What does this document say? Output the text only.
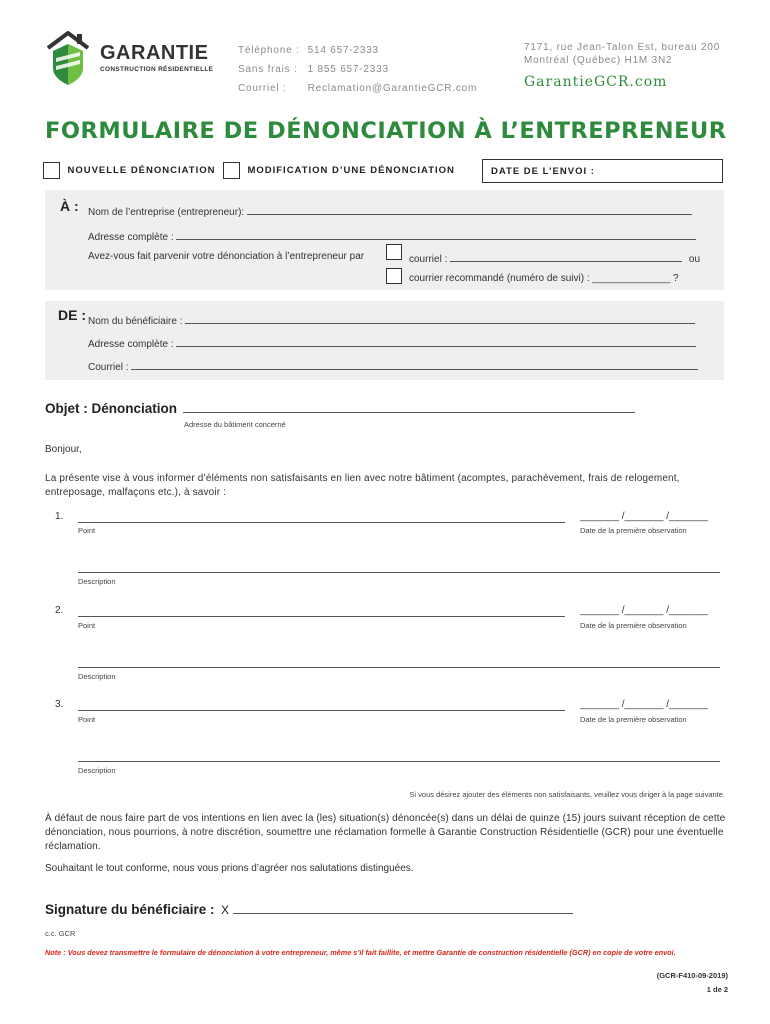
GARANTIE
CONSTRUCTION RÉSIDENTIELLE
Téléphone : 514 657-2333
Sans frais : 1 855 657-2333
Courriel : Reclamation@GarantieGCR.com
7171, rue Jean-Talon Est, bureau 200
Montréal (Québec) H1M 3N2
GarantieGCR.com
FORMULAIRE DE DÉNONCIATION À L’ENTREPRENEUR
NOUVELLE DÉNONCIATION	MODIFICATION D’UNE DÉNONCIATION	DATE DE L’ENVOI :
À : Nom de l’entreprise (entrepreneur):
Adresse complète :
Avez-vous fait parvenir votre dénonciation à l’entrepreneur par	courriel :	ou
courrier recommandé (numéro de suivi) : ______________ ?
DE : Nom du bénéficiaire :
Adresse complète :
Courriel :
Objet : Dénonciation
Adresse du bâtiment concerné
Bonjour,
La présente vise à vous informer d’éléments non satisfaisants en lien avec notre bâtiment (acomptes, parachèvement, frais de relogement, entreposage, malfaçons etc.), à savoir :
1.	_______ /_______ /_______
Point	Date de la première observation
Description
2.	_______ /_______ /_______
Point	Date de la première observation
Description
3.	_______ /_______ /_______
Point	Date de la première observation
Description
Si vous désirez ajouter des éléments non satisfaisants, veuillez vous diriger à la page suivante.
À défaut de nous faire part de vos intentions en lien avec la (les) situation(s) dénoncée(s) dans un délai de quinze (15) jours suivant réception de cette dénonciation, nous pourrions, à notre discrétion, soumettre une réclamation formelle à Garantie Construction Résidentielle (GCR) pour une éventuelle réclamation.
Souhaitant le tout conforme, nous vous prions d’agréer nos salutations distinguées.
Signature du bénéficiaire : X
c.c. GCR
Note : Vous devez transmettre le formulaire de dénonciation à votre entrepreneur, même s’il fait faillite, et mettre Garantie de construction résidentielle (GCR) en copie de votre envoi.
(GCR-F410-09-2019)
1 de 2
